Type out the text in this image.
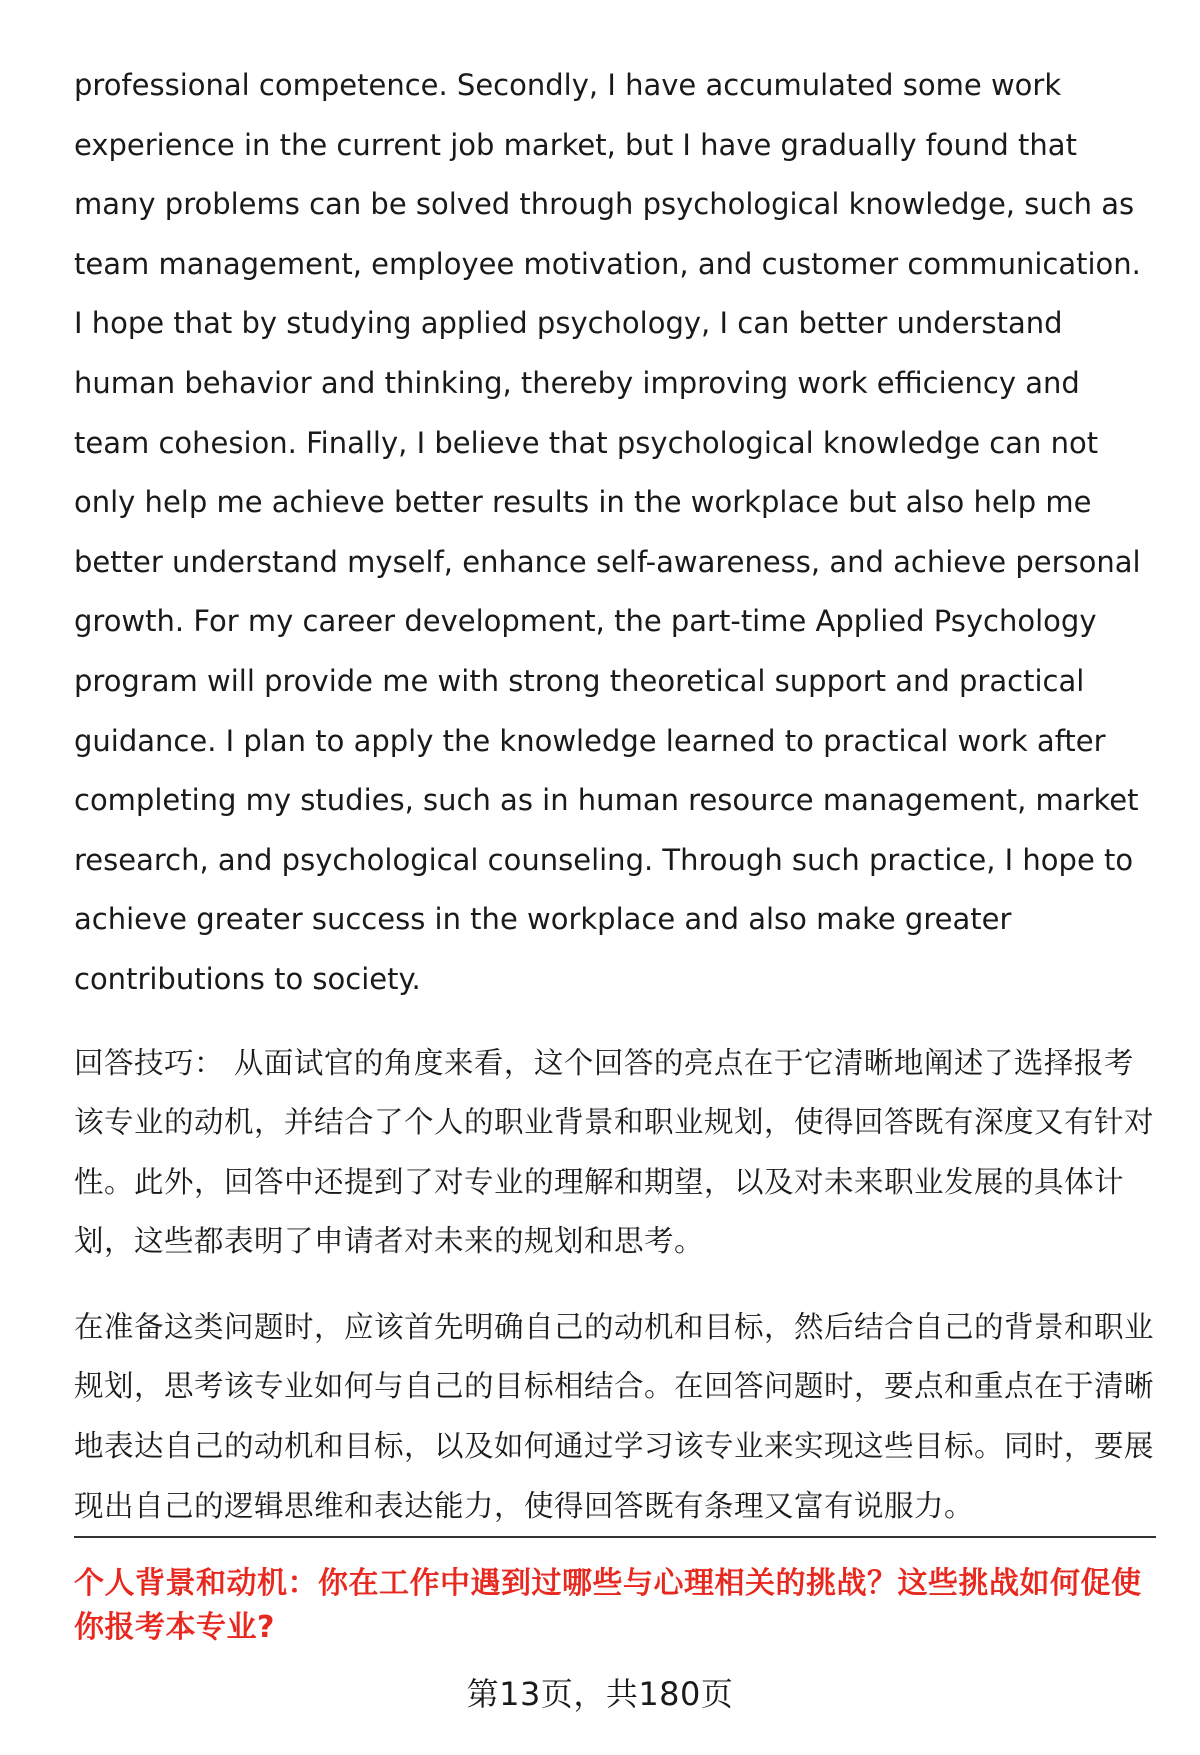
​

professional competence. Secondly, I have accumulated some work experience in the current job market, but I have gradually found that many problems can be solved through psychological knowledge, such as team management, employee motivation, and customer communication. I hope that by studying applied psychology, I can better understand human behavior and thinking, thereby improving work efficiency and team cohesion. Finally, I believe that psychological knowledge can not only help me achieve better results in the workplace but also help me better understand myself, enhance self-awareness, and achieve personal growth. For my career development, the part-time Applied Psychology program will provide me with strong theoretical support and practical guidance. I plan to apply the knowledge learned to practical work after completing my studies, such as in human resource management, market research, and psychological counseling. Through such practice, I hope to achieve greater success in the workplace and also make greater contributions to society.

回答技巧： 从面试官的角度来看，这个回答的亮点在于它清晰地阐述了选择报考该专业的动机，并结合了个人的职业背景和职业规划，使得回答既有深度又有针对性。此外，回答中还提到了对专业的理解和期望，以及对未来职业发展的具体计划，这些都表明了申请者对未来的规划和思考。

在准备这类问题时，应该首先明确自己的动机和目标，然后结合自己的背景和职业规划，思考该专业如何与自己的目标相结合。在回答问题时，要点和重点在于清晰地表达自己的动机和目标，以及如何通过学习该专业来实现这些目标。同时，要展现出自己的逻辑思维和表达能力，使得回答既有条理又富有说服力。

个人背景和动机：你在工作中遇到过哪些与心理相关的挑战？这些挑战如何促使你报考本专业?
第13页，共180页
